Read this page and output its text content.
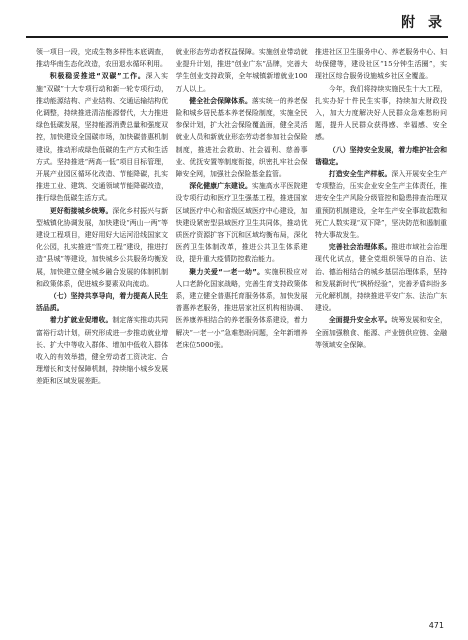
附 录

领一项目一段，完成生物多样性本底调查，推动华南生态化改造，农田退水循环利用。

积极稳妥推进“双碳”工作。深入实施“双碳”十大专项行动和新一轮专项行动，推动能源结构、产业结构、交通运输结构优化调整，持续推进清洁能源替代，大力推进绿色低碳发展，坚持能源消费总量和强度双控，加快建设全国碳市场，加快碳普惠机制建设，推动形成绿色低碳的生产方式和生活方式。坚持推进“两高一低”项目目标管理，开展产业园区循环化改造、节能降碳，扎实推进工业、建筑、交通领域节能降碳改造，推行绿色低碳生活方式。

更好衔接城乡统筹。深化乡村振兴与新型城镇化协调发展，加快建设“两山一两”等建设工程项目，建好用好大运河沿线国家文化公园，扎实推进“雪亮工程”建设，推进打造“县城”等建设，加快城乡公共服务均衡发展，加快建立健全城乡融合发展的体制机制和政策体系，促进城乡要素双向流动。

（七）坚持共享导向，着力提高人民生活品质。

着力扩就业促增收。制定落实推动共同富裕行动计划，研究形成进一步推动就业增长、扩大中等收入群体、增加中低收入群体收入的有效举措，健全劳动者工资决定、合理增长和支付保障机制，持续缩小城乡发展差距和区域发展差距。

就业形态劳动者权益保障。实施创业带动就业提升计划，推进“创业广东”品牌，完善大学生创业支持政策，全年城镇新增就业100万人以上。

健全社会保障体系。落实统一的养老保险和城乡居民基本养老保险制度，实施全民参保计划，扩大社会保险覆盖面，健全灵活就业人员和新就业形态劳动者参加社会保险制度，推进社会救助、社会福利、慈善事业、优抚安置等制度衔接，织密扎牢社会保障安全网，加强社会保险基金监管。

深化健康广东建设。实施高水平医院建设专项行动和医疗卫生强基工程，推进国家区域医疗中心和省级区域医疗中心建设，加快建设紧密型县域医疗卫生共同体，推动优质医疗资源扩容下沉和区域均衡布局，深化医药卫生体制改革，推进公共卫生体系建设，提升重大疫情防控救治能力。

聚力关爱“一老一幼”。实施积极应对人口老龄化国家战略，完善生育支持政策体系，建立健全普惠托育服务体系，加快发展普惠养老服务，推进居家社区机构相协调、医养康养相结合的养老服务体系建设，着力解决“一老一小”急难愁盼问题，全年新增养老床位5000张。

推进社区卫生服务中心、养老服务中心、妇幼保健等，建设社区“15分钟生活圈”，实现社区综合服务设施城乡社区全覆盖。

今年，我们将持续实施民生十大工程，扎实办好十件民生实事，持续加大财政投入，加大力度解决好人民群众急难愁盼问题，提升人民群众获得感、幸福感、安全感。

（八）坚持安全发展，着力维护社会和谐稳定。

打造安全生产样板。深入开展安全生产专项整治，压实企业安全生产主体责任，推进安全生产风险分级管控和隐患排查治理双重预防机制建设，全年生产安全事故起数和死亡人数实现“双下降”，坚决防范和遏制重特大事故发生。

完善社会治理体系。推进市域社会治理现代化试点，健全党组织领导的自治、法治、德治相结合的城乡基层治理体系，坚持和发展新时代“枫桥经验”，完善矛盾纠纷多元化解机制，持续推进平安广东、法治广东建设。

全面提升安全水平。统筹发展和安全，全面加强粮食、能源、产业链供应链、金融等领域安全保障。

471
